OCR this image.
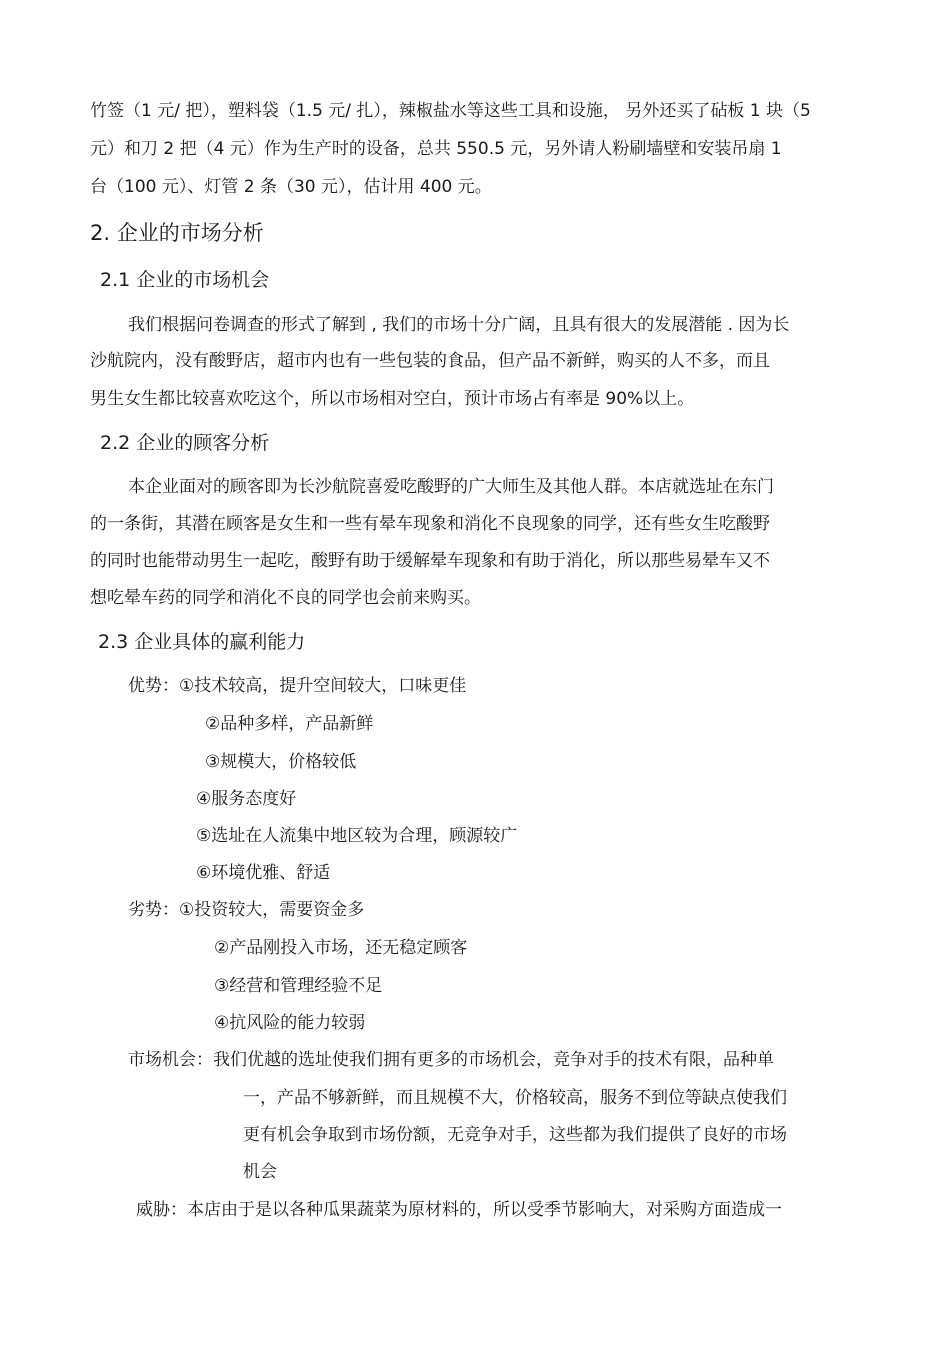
竹签（1 元/ 把），塑料袋（1.5 元/ 扎），辣椒盐水等这些工具和设施， 另外还买了砧板 1 块（5
元）和刀 2 把（4 元）作为生产时的设备，总共 550.5 元，另外请人粉刷墙壁和安装吊扇 1
台（100 元）、灯管 2 条（30 元），估计用 400 元。
2. 企业的市场分析
2.1 企业的市场机会
我们根据问卷调查的形式了解到 , 我们的市场十分广阔，且具有很大的发展潜能 . 因为长
沙航院内，没有酸野店，超市内也有一些包装的食品，但产品不新鲜，购买的人不多，而且
男生女生都比较喜欢吃这个，所以市场相对空白，预计市场占有率是 90%以上。
2.2 企业的顾客分析
本企业面对的顾客即为长沙航院喜爱吃酸野的广大师生及其他人群。本店就选址在东门
的一条街，其潜在顾客是女生和一些有晕车现象和消化不良现象的同学，还有些女生吃酸野
的同时也能带动男生一起吃，酸野有助于缓解晕车现象和有助于消化，所以那些易晕车又不
想吃晕车药的同学和消化不良的同学也会前来购买。
2.3 企业具体的赢利能力
优势：①技术较高，提升空间较大，口味更佳
②品种多样，产品新鲜
③规模大，价格较低
④服务态度好
⑤选址在人流集中地区较为合理，顾源较广
⑥环境优雅、舒适
劣势：①投资较大，需要资金多
②产品刚投入市场，还无稳定顾客
③经营和管理经验不足
④抗风险的能力较弱
市场机会：我们优越的选址使我们拥有更多的市场机会，竞争对手的技术有限，品种单
一，产品不够新鲜，而且规模不大，价格较高，服务不到位等缺点使我们
更有机会争取到市场份额，无竞争对手，这些都为我们提供了良好的市场
机会
威胁：本店由于是以各种瓜果蔬菜为原材料的，所以受季节影响大，对采购方面造成一
